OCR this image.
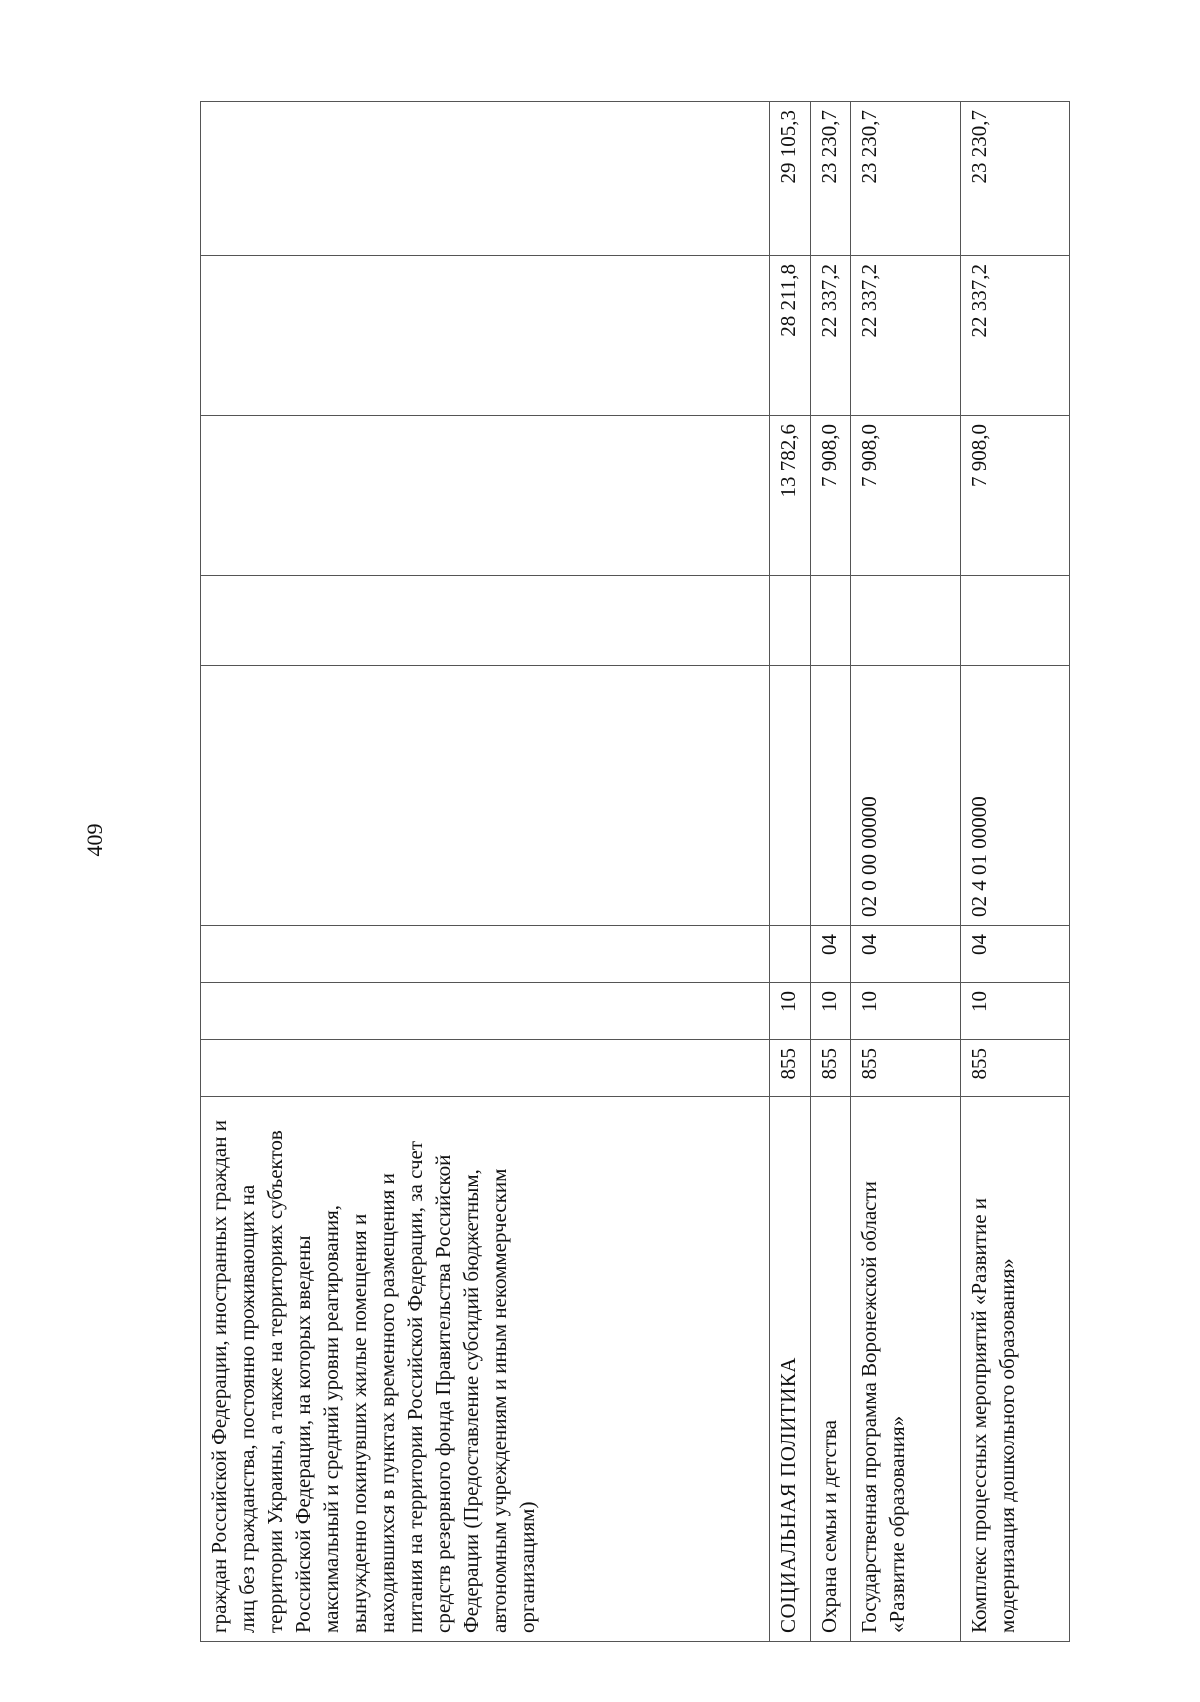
409
граждан Российской Федерации, иностранных граждан и лиц без гражданства, постоянно проживающих на территории Украины, а также на территориях субъектов Российской Федерации, на которых введены максимальный и средний уровни реагирования, вынужденно покинувших жилые помещения и находившихся в пунктах временного размещения и питания на территории Российской Федерации, за счет средств резервного фонда Правительства Российской Федерации (Предоставление субсидий бюджетным, автономным учреждениям и иным некоммерческим организациям)								
СОЦИАЛЬНАЯ ПОЛИТИКА	855	10				13 782,6	28 211,8	29 105,3
Охрана семьи и детства	855	10	04			7 908,0	22 337,2	23 230,7
Государственная программа Воронежской области «Развитие образования»	855	10	04	02 0 00 00000		7 908,0	22 337,2	23 230,7
Комплекс процессных мероприятий «Развитие и модернизация дошкольного образования»	855	10	04	02 4 01 00000		7 908,0	22 337,2	23 230,7
